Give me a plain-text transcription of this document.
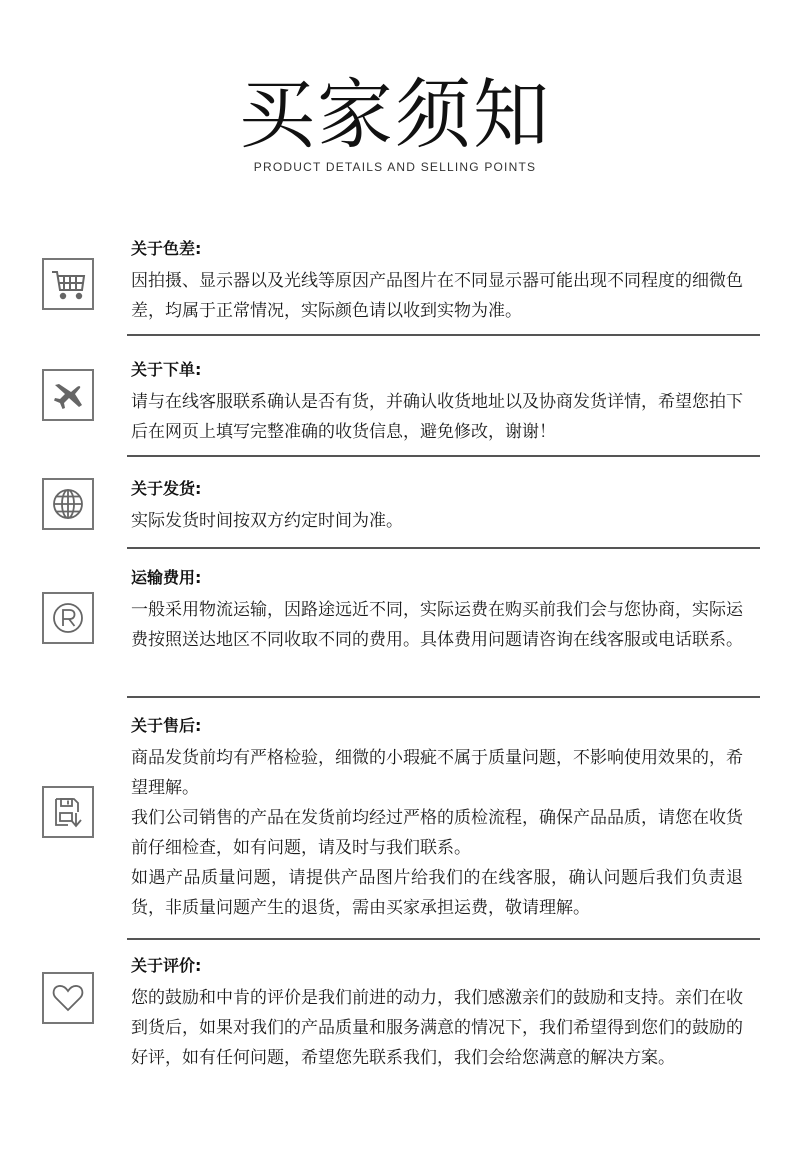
买家须知
PRODUCT DETAILS AND SELLING POINTS

关于色差:

因拍摄、显示器以及光线等原因产品图片在不同显示器可能出现不同程度的细微色差，均属于正常情况，实际颜色请以收到实物为准。

关于下单:

请与在线客服联系确认是否有货，并确认收货地址以及协商发货详情，希望您拍下后在网页上填写完整准确的收货信息，避免修改，谢谢！

关于发货:

实际发货时间按双方约定时间为准。

运输费用:

一般采用物流运输，因路途远近不同，实际运费在购买前我们会与您协商，实际运费按照送达地区不同收取不同的费用。具体费用问题请咨询在线客服或电话联系。

关于售后:

商品发货前均有严格检验，细微的小瑕疵不属于质量问题，不影响使用效果的，希望理解。

我们公司销售的产品在发货前均经过严格的质检流程，确保产品品质，请您在收货前仔细检查，如有问题，请及时与我们联系。

如遇产品质量问题，请提供产品图片给我们的在线客服，确认问题后我们负责退货，非质量问题产生的退货，需由买家承担运费，敬请理解。

关于评价:

您的鼓励和中肯的评价是我们前进的动力，我们感激亲们的鼓励和支持。亲们在收到货后，如果对我们的产品质量和服务满意的情况下，我们希望得到您们的鼓励的好评，如有任何问题，希望您先联系我们，我们会给您满意的解决方案。
